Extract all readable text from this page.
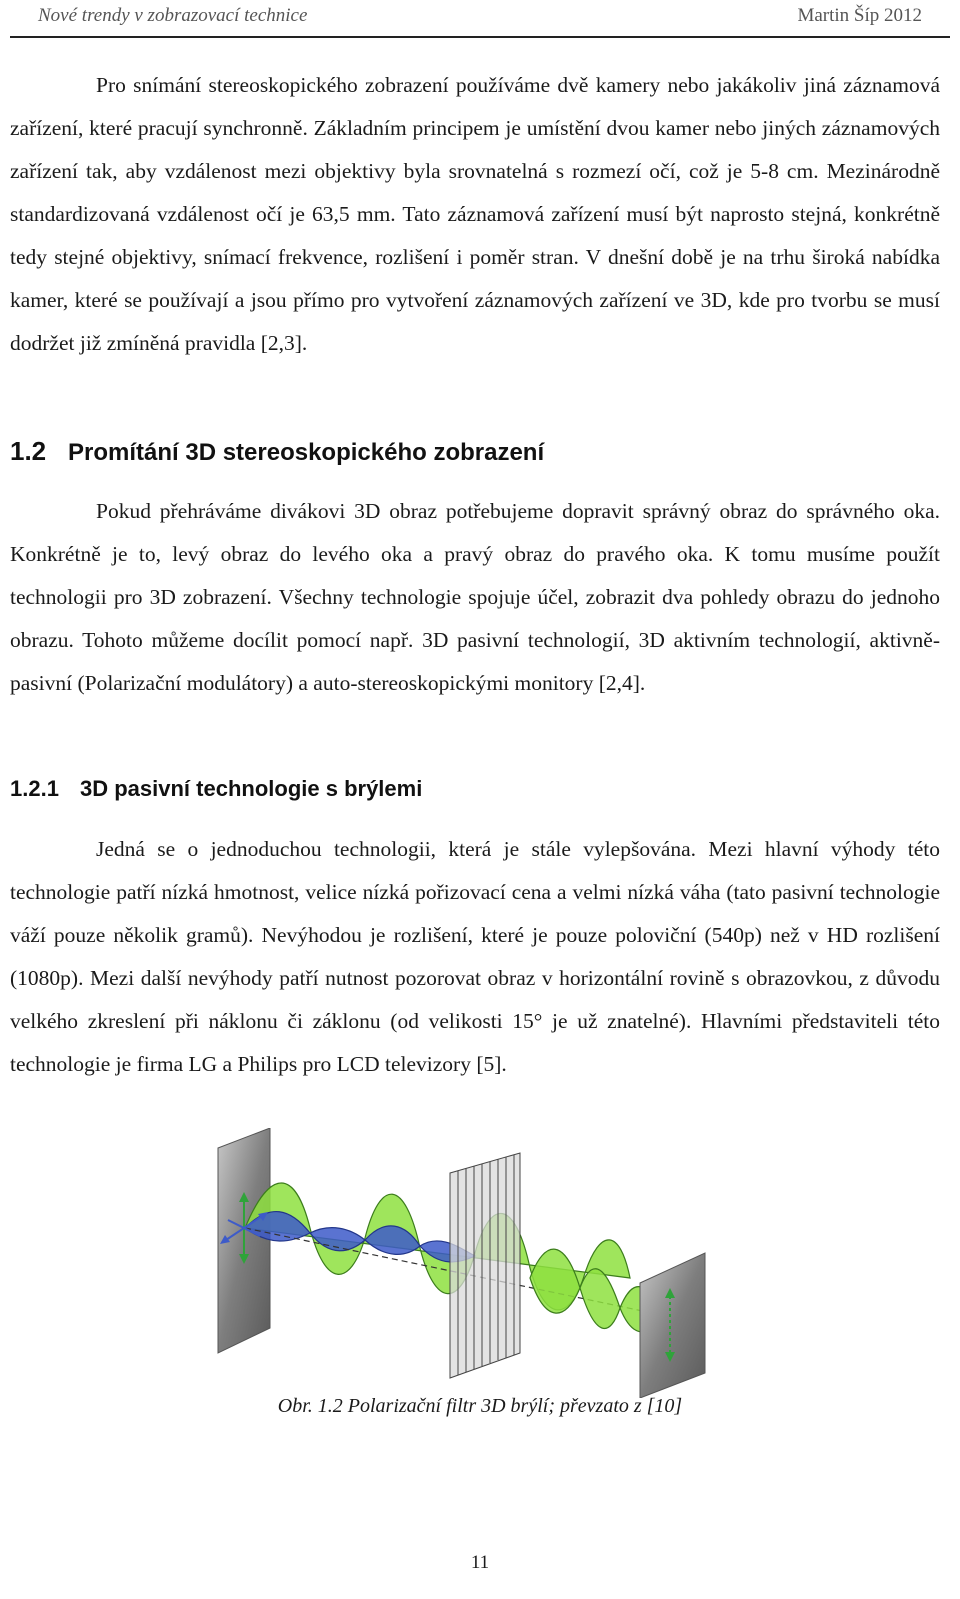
Nové trendy v zobrazovací technice	Martin Šíp 2012

Pro snímání stereoskopického zobrazení používáme dvě kamery nebo jakákoliv jiná záznamová zařízení, které pracují synchronně. Základním principem je umístění dvou kamer nebo jiných záznamových zařízení tak, aby vzdálenost mezi objektivy byla srovnatelná s rozmezí očí, což je 5-8 cm. Mezinárodně standardizovaná vzdálenost očí je 63,5 mm. Tato záznamová zařízení musí být naprosto stejná, konkrétně tedy stejné objektivy, snímací frekvence, rozlišení i poměr stran. V dnešní době je na trhu široká nabídka kamer, které se používají a jsou přímo pro vytvoření záznamových zařízení ve 3D, kde pro tvorbu se musí dodržet již zmíněná pravidla [2,3].

1.2 Promítání 3D stereoskopického zobrazení

Pokud přehráváme divákovi 3D obraz potřebujeme dopravit správný obraz do správného oka. Konkrétně je to, levý obraz do levého oka a pravý obraz do pravého oka. K tomu musíme použít technologii pro 3D zobrazení. Všechny technologie spojuje účel, zobrazit dva pohledy obrazu do jednoho obrazu. Tohoto můžeme docílit pomocí např. 3D pasivní technologií, 3D aktivním technologií, aktivně-pasivní (Polarizační modulátory) a auto-stereoskopickými monitory [2,4].

1.2.1 3D pasivní technologie s brýlemi

Jedná se o jednoduchou technologii, která je stále vylepšována. Mezi hlavní výhody této technologie patří nízká hmotnost, velice nízká pořizovací cena a velmi nízká váha (tato pasivní technologie váží pouze několik gramů). Nevýhodou je rozlišení, které je pouze poloviční (540p) než v HD rozlišení (1080p). Mezi další nevýhody patří nutnost pozorovat obraz v horizontální rovině s obrazovkou, z důvodu velkého zkreslení při náklonu či záklonu (od velikosti 15° je už znatelné). Hlavními představiteli této technologie je firma LG a Philips pro LCD televizory [5].

Obr. 1.2 Polarizační filtr 3D brýlí; převzato z [10]
11
